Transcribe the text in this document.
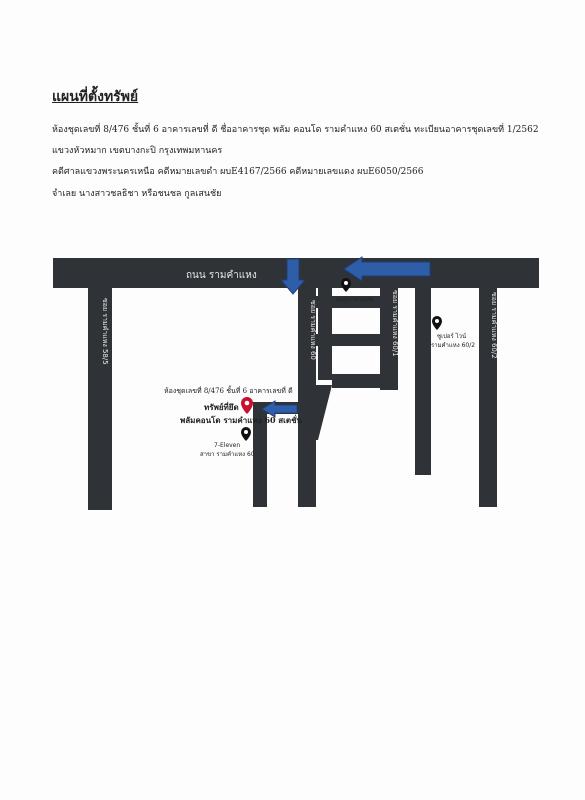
แผนที่ตั้งทรัพย์
ห้องชุดเลขที่ 8/476 ชั้นที่ 6 อาคารเลขที่ ดี ชื่ออาคารชุด พลัม คอนโด รามคำแหง 60 สเตชั่น ทะเบียนอาคารชุดเลขที่ 1/2562
แขวงหัวหมาก เขตบางกะปิ กรุงเทพมหานคร
คดีศาลแขวงพระนครเหนือ คดีหมายเลขดำ ผบE4167/2566 คดีหมายเลขแดง ผบE6050/2566
จำเลย นางสาวชลธิชา หรือชนชล กูลเสนชัย
ถนน รามคำแหง
ซอย รามคำแหง 58/5	ซอย รามคำแหง 60	ซอย รามคำแหง 60/1	ซอย รามคำแหง 60/2
หมอยาสามสน
ซูเปอร์ ไวน์
รามคำแหง 60/2
7-Eleven
สาขา รามคำแหง 60
ห้องชุดเลขที่ 8/476 ชั้นที่ 6 อาคารเลขที่ ดี
ทรัพย์ที่ยึด
พลัมคอนโด รามคำแหง 60 สเตชั่น
